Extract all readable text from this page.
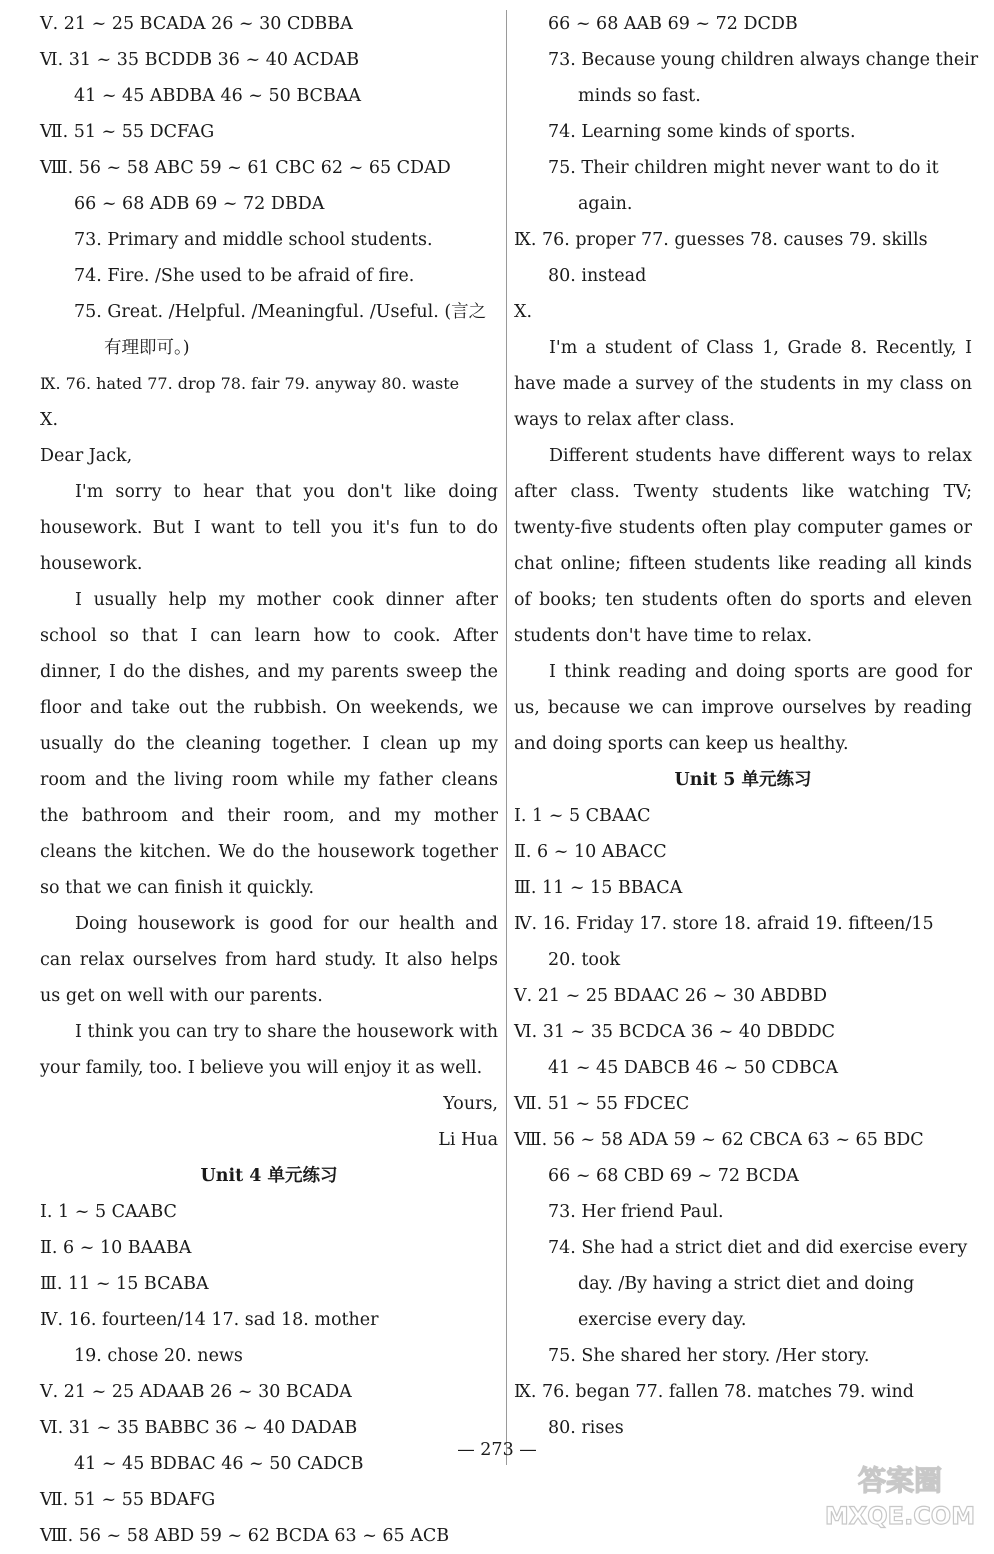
Ⅴ. 21 ~ 25 BCADA 26 ~ 30 CDBBA
Ⅵ. 31 ~ 35 BCDDB 36 ~ 40 ACDAB
41 ~ 45 ABDBA 46 ~ 50 BCBAA
Ⅶ. 51 ~ 55 DCFAG
Ⅷ. 56 ~ 58 ABC 59 ~ 61 CBC 62 ~ 65 CDAD
66 ~ 68 ADB 69 ~ 72 DBDA
73. Primary and middle school students.
74. Fire. /She used to be afraid of fire.
75. Great. /Helpful. /Meaningful. /Useful. (言之
有理即可。)
Ⅸ. 76. hated 77. drop 78. fair 79. anyway 80. waste
Ⅹ.
Dear Jack,

I'm sorry to hear that you don't like doing housework. But I want to tell you it's fun to do housework.

I usually help my mother cook dinner after school so that I can learn how to cook. After dinner, I do the dishes, and my parents sweep the floor and take out the rubbish. On weekends, we usually do the cleaning together. I clean up my room and the living room while my father cleans the bathroom and their room, and my mother cleans the kitchen. We do the housework together so that we can finish it quickly.

Doing housework is good for our health and can relax ourselves from hard study. It also helps us get on well with our parents.

I think you can try to share the housework with your family, too. I believe you will enjoy it as well.

Yours,
Li Hua
Unit 4 单元练习
Ⅰ. 1 ~ 5 CAABC
Ⅱ. 6 ~ 10 BAABA
Ⅲ. 11 ~ 15 BCABA
Ⅳ. 16. fourteen/14 17. sad 18. mother
19. chose 20. news
Ⅴ. 21 ~ 25 ADAAB 26 ~ 30 BCADA
Ⅵ. 31 ~ 35 BABBC 36 ~ 40 DADAB
41 ~ 45 BDBAC 46 ~ 50 CADCB
Ⅶ. 51 ~ 55 BDAFG
Ⅷ. 56 ~ 58 ABD 59 ~ 62 BCDA 63 ~ 65 ACB
66 ~ 68 AAB 69 ~ 72 DCDB
73. Because young children always change their
minds so fast.
74. Learning some kinds of sports.
75. Their children might never want to do it
again.
Ⅸ. 76. proper 77. guesses 78. causes 79. skills
80. instead
Ⅹ.

I'm a student of Class 1, Grade 8. Recently, I have made a survey of the students in my class on ways to relax after class.

Different students have different ways to relax after class. Twenty students like watching TV; twenty-five students often play computer games or chat online; fifteen students like reading all kinds of books; ten students often do sports and eleven students don't have time to relax.

I think reading and doing sports are good for us, because we can improve ourselves by reading and doing sports can keep us healthy.

Unit 5 单元练习
Ⅰ. 1 ~ 5 CBAAC
Ⅱ. 6 ~ 10 ABACC
Ⅲ. 11 ~ 15 BBACA
Ⅳ. 16. Friday 17. store 18. afraid 19. fifteen/15
20. took
Ⅴ. 21 ~ 25 BDAAC 26 ~ 30 ABDBD
Ⅵ. 31 ~ 35 BCDCA 36 ~ 40 DBDDC
41 ~ 45 DABCB 46 ~ 50 CDBCA
Ⅶ. 51 ~ 55 FDCEC
Ⅷ. 56 ~ 58 ADA 59 ~ 62 CBCA 63 ~ 65 BDC
66 ~ 68 CBD 69 ~ 72 BCDA
73. Her friend Paul.
74. She had a strict diet and did exercise every
day. /By having a strict diet and doing
exercise every day.
75. She shared her story. /Her story.
Ⅸ. 76. began 77. fallen 78. matches 79. wind
80. rises
— 273 —
答案圈
MXQE.COM
